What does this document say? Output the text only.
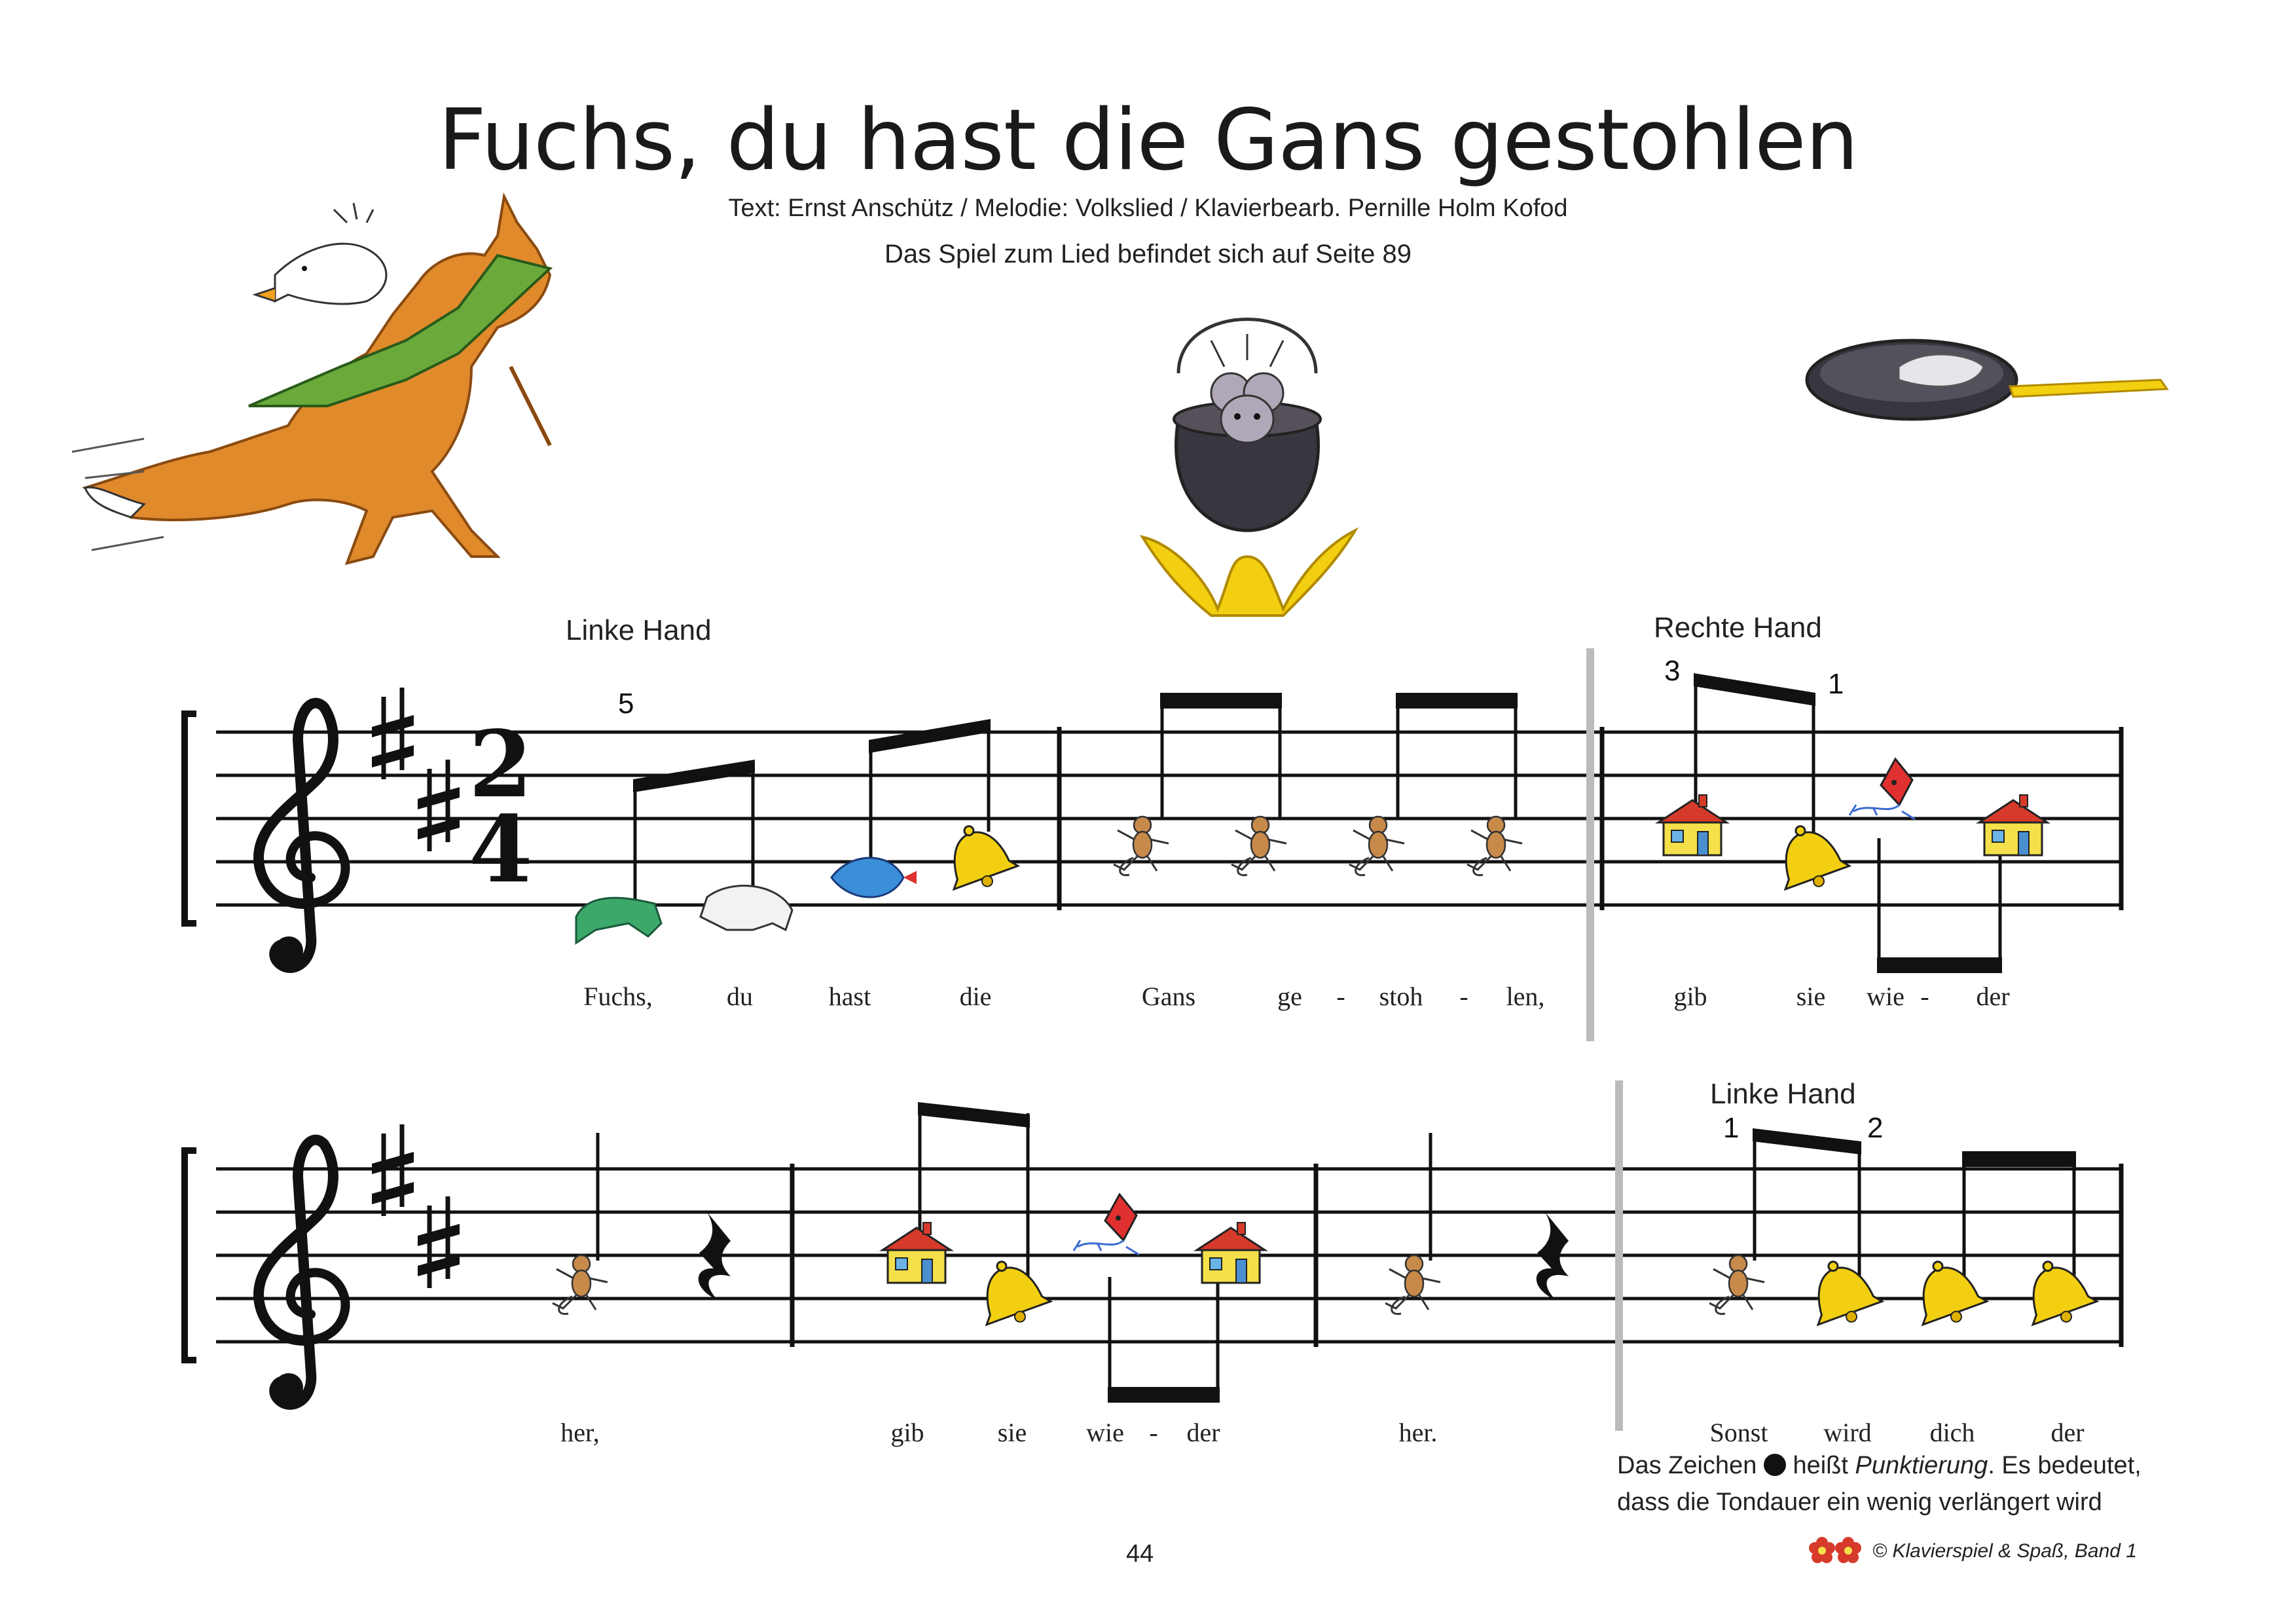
Fuchs, du hast die Gans gestohlen
Text: Ernst Anschütz / Melodie: Volkslied / Klavierbearb. Pernille Holm Kofod
Das Spiel zum Lied befindet sich auf Seite 89
2
4
Linke Hand	Rechte Hand
Linke Hand
5
3	1
1	2
Fuchs,	du	hast	die	Gans	ge - stoh - len,	gib	sie wie - der
her,	gib	sie wie - der	her.	Sonst wird dich	der
Das Zeichen heißt Punktierung. Es bedeutet,
dass die Tondauer ein wenig verlängert wird
44	© Klavierspiel & Spaß, Band 1
